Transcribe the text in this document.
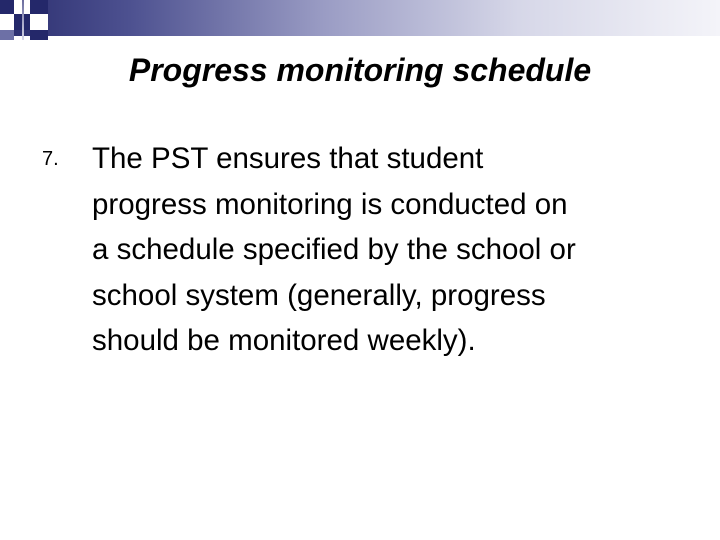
Progress monitoring schedule
7. The PST ensures that student
progress monitoring is conducted on
a schedule specified by the school or
school system (generally, progress
should be monitored weekly).
